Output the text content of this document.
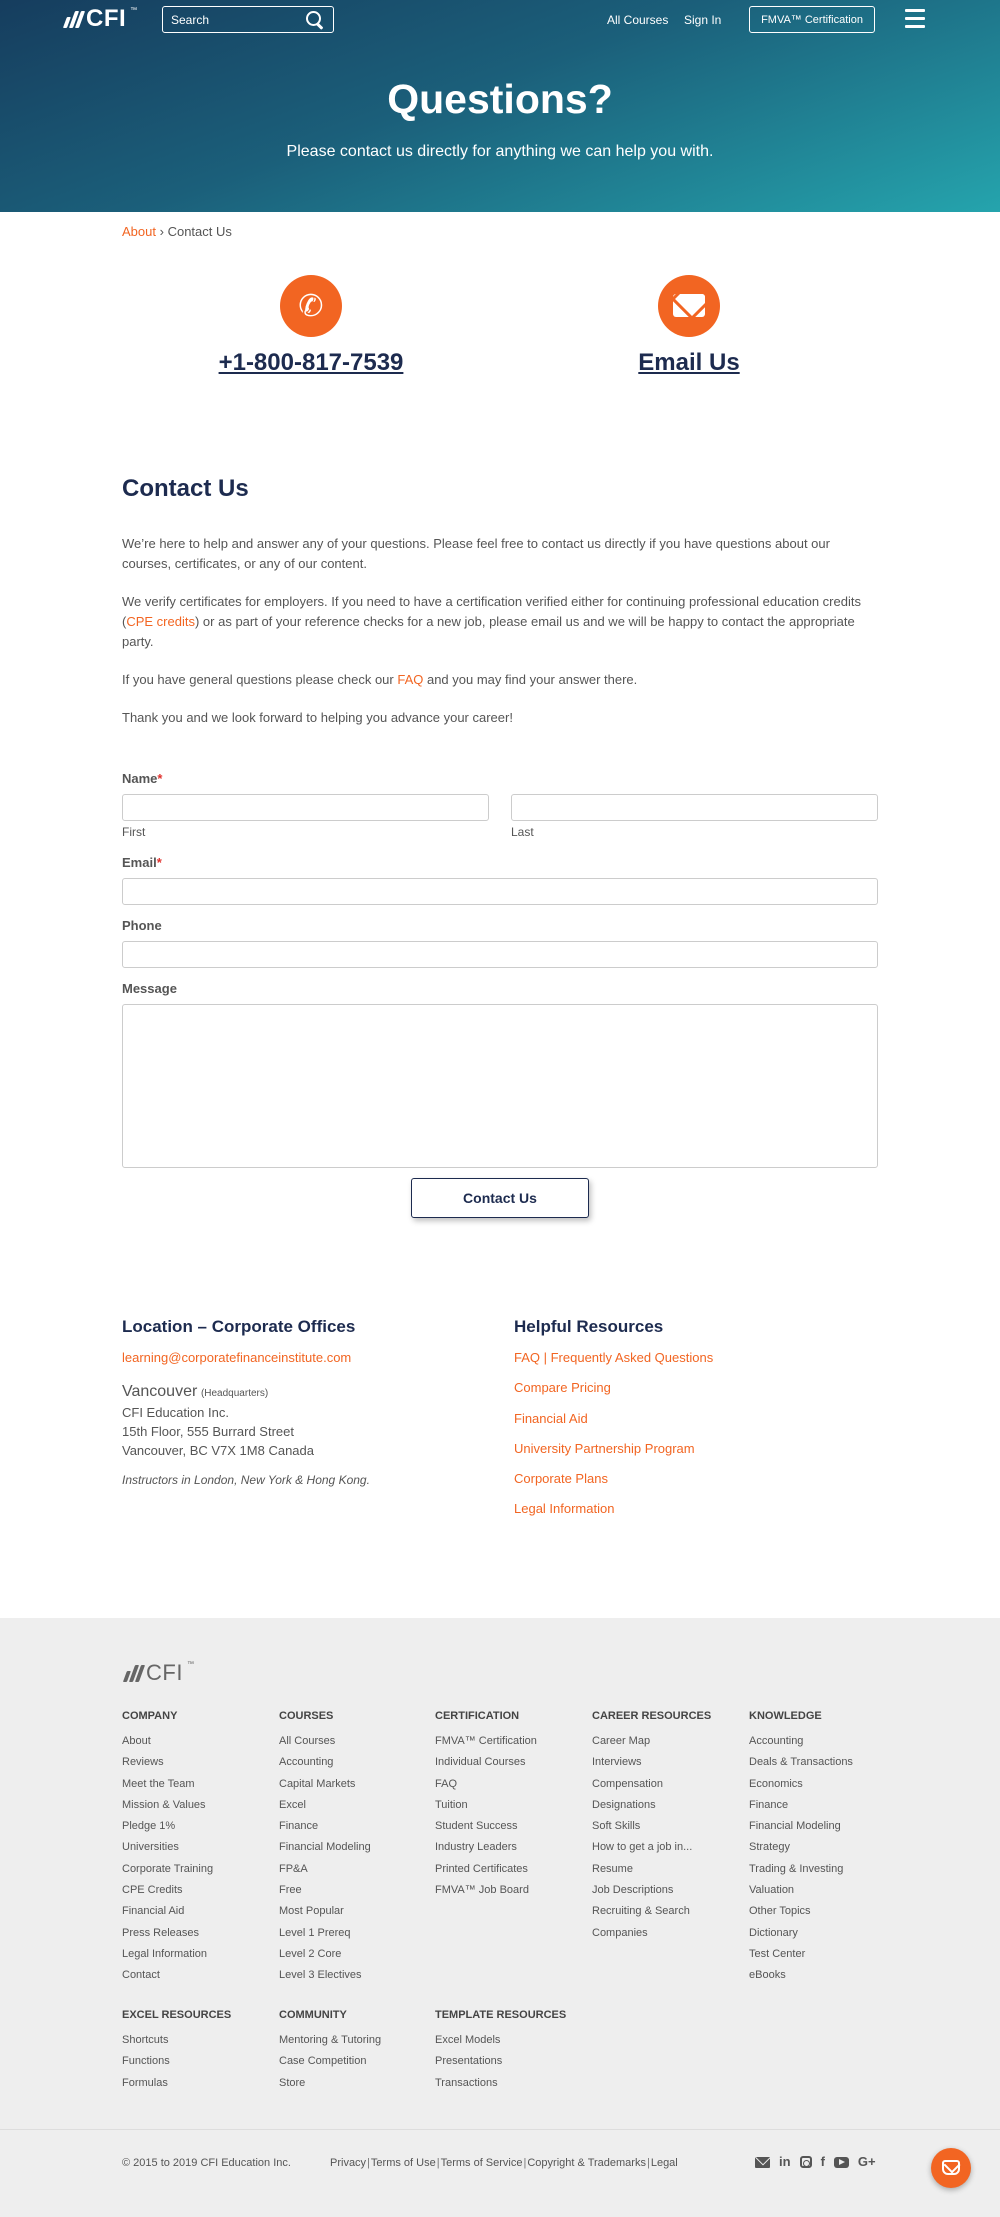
CFI ™
Search	All Courses Sign In	FMVA™ Certification
Questions?

Please contact us directly for anything we can help you with.

About › Contact Us
✆
+1-800-817-7539	Email Us
Contact Us

We’re here to help and answer any of your questions. Please feel free to contact us directly if you have questions about our courses, certificates, or any of our content.

We verify certificates for employers. If you need to have a certification verified either for continuing professional education credits (CPE credits) or as part of your reference checks for a new job, please email us and we will be happy to contact the appropriate party.

If you have general questions please check our FAQ and you may find your answer there.

Thank you and we look forward to helping you advance your career!

Name*
First	Last
Email*
Phone
Message
Contact Us
Location – Corporate Offices
learning@corporatefinanceinstitute.com
Vancouver (Headquarters)
CFI Education Inc.
15th Floor, 555 Burrard Street
Vancouver, BC V7X 1M8 Canada

Instructors in London, New York & Hong Kong.

Helpful Resources
FAQ | Frequently Asked Questions
Compare Pricing
Financial Aid
University Partnership Program
Corporate Plans
Legal Information
CFI ™
COMPANY
About
Reviews
Meet the Team
Mission & Values
Pledge 1%
Universities
Corporate Training
CPE Credits
Financial Aid
Press Releases
Legal Information
Contact
COURSES
All Courses
Accounting
Capital Markets
Excel
Finance
Financial Modeling
FP&A
Free
Most Popular
Level 1 Prereq
Level 2 Core
Level 3 Electives
CERTIFICATION
FMVA™ Certification
Individual Courses
FAQ
Tuition
Student Success
Industry Leaders
Printed Certificates
FMVA™ Job Board
CAREER RESOURCES
Career Map
Interviews
Compensation
Designations
Soft Skills
How to get a job in...
Resume
Job Descriptions
Recruiting & Search
Companies
KNOWLEDGE
Accounting
Deals & Transactions
Economics
Finance
Financial Modeling
Strategy
Trading & Investing
Valuation
Other Topics
Dictionary
Test Center
eBooks
EXCEL RESOURCES
Shortcuts
Functions
Formulas
COMMUNITY
Mentoring & Tutoring
Case Competition
Store
TEMPLATE RESOURCES
Excel Models
Presentations
Transactions
© 2015 to 2019 CFI Education Inc.	Privacy | Terms of Use | Terms of Service | Copyright & Trademarks | Legal	in f	G+
